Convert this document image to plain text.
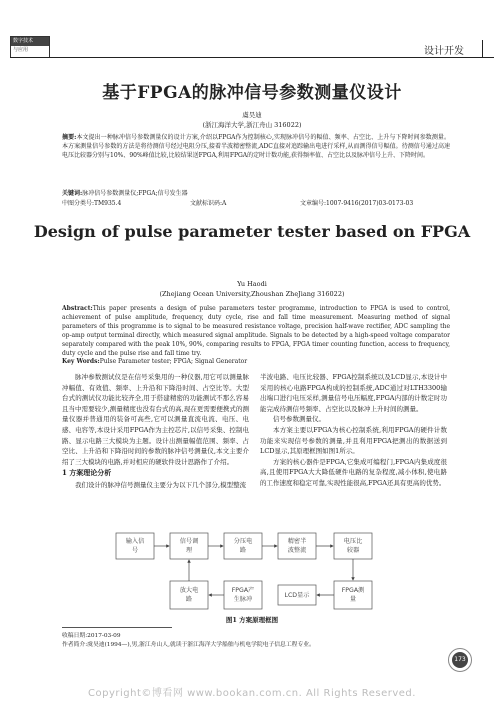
数字技术
与应用	设计开发
基于FPGA的脉冲信号参数测量仪设计
虞昊迪
(浙江海洋大学,浙江舟山 316022)
摘要:本文提出一种脉冲信号参数测量仪的设计方案,介绍以FPGA作为控制核心,实现脉冲信号的幅值、频率、占空比、上升与下降时间参数测量。本方案测量信号参数的方法是将待测信号经过电阻分压,接着半波精密整流,ADC直接对追踪输出电进行采样,从而测得信号幅值。待测信号通过高速电压比较器分别与10%、90%峰值比较,比较结果送FPGA,利用FPGA的定时计数功能,获得频率值、占空比以及脉冲信号上升、下降时间。
关键词:脉冲信号参数测量仪;FPGA;信号发生器
中图分类号:TM935.4	文献标识码:A	文章编号:1007-9416(2017)03-0173-03
Design of pulse parameter tester based on FPGA
Yu Haodi
(Zhejiang Ocean University,Zhoushan ZheJiang 316022)
Abstract:This paper presents a design of pulse parameters tester programme, introduction to FPGA is used to control, achievement of pulse amplitude, frequency, duty cycle, rise and fall time measurement. Measuring method of signal parameters of this programme is to signal to be measured resistance voltage, precision half-wave rectifier, ADC sampling the op-amp output terminal directly, which measured signal amplitude. Signals to be detected by a high-speed voltage comparator separately compared with the peak 10%, 90%, comparing results to FPGA, FPGA timer counting function, access to frequency, duty cycle and the pulse rise and fall time try.
Key Words:Pulse Parameter tester; FPGA; Signal Generator

脉冲参数测试仪是在信号采集用的一种仪器,用它可以测量脉冲幅值、有效值、频率、上升沿和下降沿时间、占空比等。大型台式的测试仪功能比较齐全,用于搭建精密的功能测试不那么容易且当中需要较少,测量精度也没有台式的高,现在更需要便携式的测量仪器并普通用的装备可高些,它可以测量直流电流、电压、电感、电容等,本设计采用FPGA作为主控芯片,以信号采集、控制电路、显示电路三大模块为主题。设计出测量幅值范围、频率、占空比、上升沿和下降沿时间的参数的脉冲信号测量仪,本文主要介绍了三大模块的电路,并对相应的硬软件设计思路作了介绍。

1 方案理论分析

我们设计的脉冲信号测量仪主要分为以下几个部分,模型整流

半波电路、电压比较器、FPGA控制系统以及LCD显示,本设计中采用的核心电路FPGA构成的控制系统,ADC通过对LTH3300输出端口进行电压采样,测量信号电压幅度,FPGA内部的计数定时功能完成待测信号频率、占空比以及脉冲上升时间的测量。

信号参数测量仪。

本方案主要以FPGA为核心控制系统,利用FPGA的硬件计数功能来实现信号参数的测量,并且利用FPGA把测出的数据送到LCD显示,其原理框图如图1所示。

方案的核心器件是FPGA,它集成可编程门,FPGA内集成度很高,且使用FPGA大大降低硬件电路的复杂程度,减小体积,使电路的工作速度和稳定可靠,实现性能很高,FPGA还具有更高的优势。

输入信
号
信号调
理
分压电
路
精密半
波整流
电压比
较器
放大电
路
FPGA产
生脉冲
LCD显示
FPGA测
量
图1 方案原理框图
收稿日期:2017-03-09
作者简介:虞昊迪(1994—),男,浙江舟山人,就读于浙江海洋大学船舶与机电学院电子信息工程专业。
173
Copyright©博看网 www.bookan.com.cn. All Rights Reserved.
